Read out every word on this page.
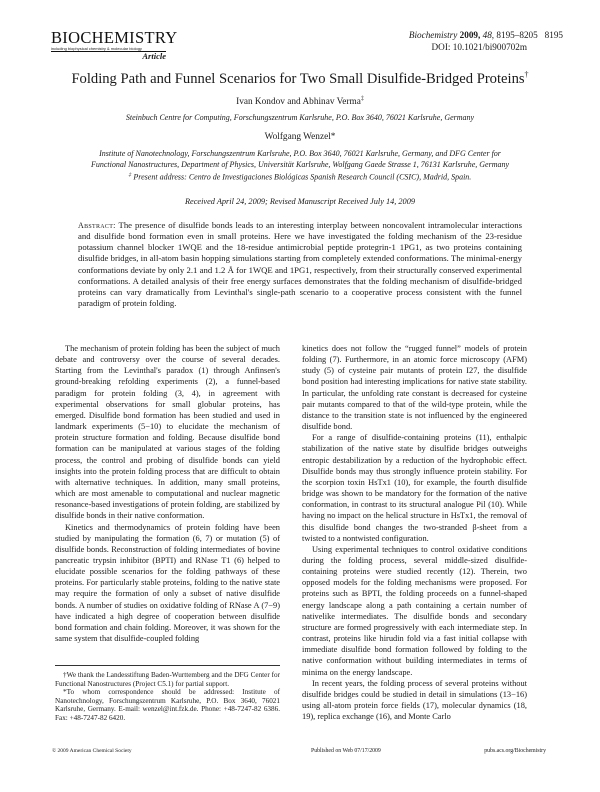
BIOCHEMISTRY
including biophysical chemistry & molecular biology
Article
Biochemistry 2009, 48, 8195–8205 8195
DOI: 10.1021/bi900702m
Folding Path and Funnel Scenarios for Two Small Disulfide-Bridged Proteins†
Ivan Kondov and Abhinav Verma‡
Steinbuch Centre for Computing, Forschungszentrum Karlsruhe, P.O. Box 3640, 76021 Karlsruhe, Germany
Wolfgang Wenzel*
Institute of Nanotechnology, Forschungszentrum Karlsruhe, P.O. Box 3640, 76021 Karlsruhe, Germany, and DFG Center for
Functional Nanostructures, Department of Physics, Universität Karlsruhe, Wolfgang Gaede Strasse 1, 76131 Karlsruhe, Germany
‡ Present address: Centro de Investigaciones Biológicas Spanish Research Council (CSIC), Madrid, Spain.
Received April 24, 2009; Revised Manuscript Received July 14, 2009
Abstract: The presence of disulfide bonds leads to an interesting interplay between noncovalent intramolecular interactions and disulfide bond formation even in small proteins. Here we have investigated the folding mechanism of the 23-residue potassium channel blocker 1WQE and the 18-residue antimicrobial peptide protegrin-1 1PG1, as two proteins containing disulfide bridges, in all-atom basin hopping simulations starting from completely extended conformations. The minimal-energy conformations deviate by only 2.1 and 1.2 Å for 1WQE and 1PG1, respectively, from their structurally conserved experimental conformations. A detailed analysis of their free energy surfaces demonstrates that the folding mechanism of disulfide-bridged proteins can vary dramatically from Levinthal's single-path scenario to a cooperative process consistent with the funnel paradigm of protein folding.

The mechanism of protein folding has been the subject of much debate and controversy over the course of several decades. Starting from the Levinthal's paradox (1) through Anfinsen's ground-breaking refolding experiments (2), a funnel-based paradigm for protein folding (3, 4), in agreement with experimental observations for small globular proteins, has emerged. Disulfide bond formation has been studied and used in landmark experiments (5−10) to elucidate the mechanism of protein structure formation and folding. Because disulfide bond formation can be manipulated at various stages of the folding process, the control and probing of disulfide bonds can yield insights into the protein folding process that are difficult to obtain with alternative techniques. In addition, many small proteins, which are most amenable to computational and nuclear magnetic resonance-based investigations of protein folding, are stabilized by disulfide bonds in their native conformation.

Kinetics and thermodynamics of protein folding have been studied by manipulating the formation (6, 7) or mutation (5) of disulfide bonds. Reconstruction of folding intermediates of bovine pancreatic trypsin inhibitor (BPTI) and RNase T1 (6) helped to elucidate possible scenarios for the folding pathways of these proteins. For particularly stable proteins, folding to the native state may require the formation of only a subset of native disulfide bonds. A number of studies on oxidative folding of RNase A (7−9) have indicated a high degree of cooperation between disulfide bond formation and chain folding. Moreover, it was shown for the same system that disulfide-coupled folding

kinetics does not follow the “rugged funnel” models of protein folding (7). Furthermore, in an atomic force microscopy (AFM) study (5) of cysteine pair mutants of protein I27, the disulfide bond position had interesting implications for native state stability. In particular, the unfolding rate constant is decreased for cysteine pair mutants compared to that of the wild-type protein, while the distance to the transition state is not influenced by the engineered disulfide bond.

For a range of disulfide-containing proteins (11), enthalpic stabilization of the native state by disulfide bridges outweighs entropic destabilization by a reduction of the hydrophobic effect. Disulfide bonds may thus strongly influence protein stability. For the scorpion toxin HsTx1 (10), for example, the fourth disulfide bridge was shown to be mandatory for the formation of the native conformation, in contrast to its structural analogue Pil (10). While having no impact on the helical structure in HsTx1, the removal of this disulfide bond changes the two-stranded β-sheet from a twisted to a nontwisted configuration.

Using experimental techniques to control oxidative conditions during the folding process, several middle-sized disulfide-containing proteins were studied recently (12). Therein, two opposed models for the folding mechanisms were proposed. For proteins such as BPTI, the folding proceeds on a funnel-shaped energy landscape along a path containing a certain number of nativelike intermediates. The disulfide bonds and secondary structure are formed progressively with each intermediate step. In contrast, proteins like hirudin fold via a fast initial collapse with immediate disulfide bond formation followed by folding to the native conformation without building intermediates in terms of minima on the energy landscape.

In recent years, the folding process of several proteins without disulfide bridges could be studied in detail in simulations (13−16) using all-atom protein force fields (17), molecular dynamics (18, 19), replica exchange (16), and Monte Carlo

†We thank the Landesstiftung Baden-Wurttemberg and the DFG Center for Functional Nanostructures (Project C5.1) for partial support.

*To whom correspondence should be addressed: Institute of Nanotechnology, Forschungszentrum Karlsruhe, P.O. Box 3640, 76021 Karlsruhe, Germany. E-mail: wenzel@int.fzk.de. Phone: +48-7247-82 6386. Fax: +48-7247-82 6420.

© 2009 American Chemical Society	Published on Web 07/17/2009	pubs.acs.org/Biochemistry
